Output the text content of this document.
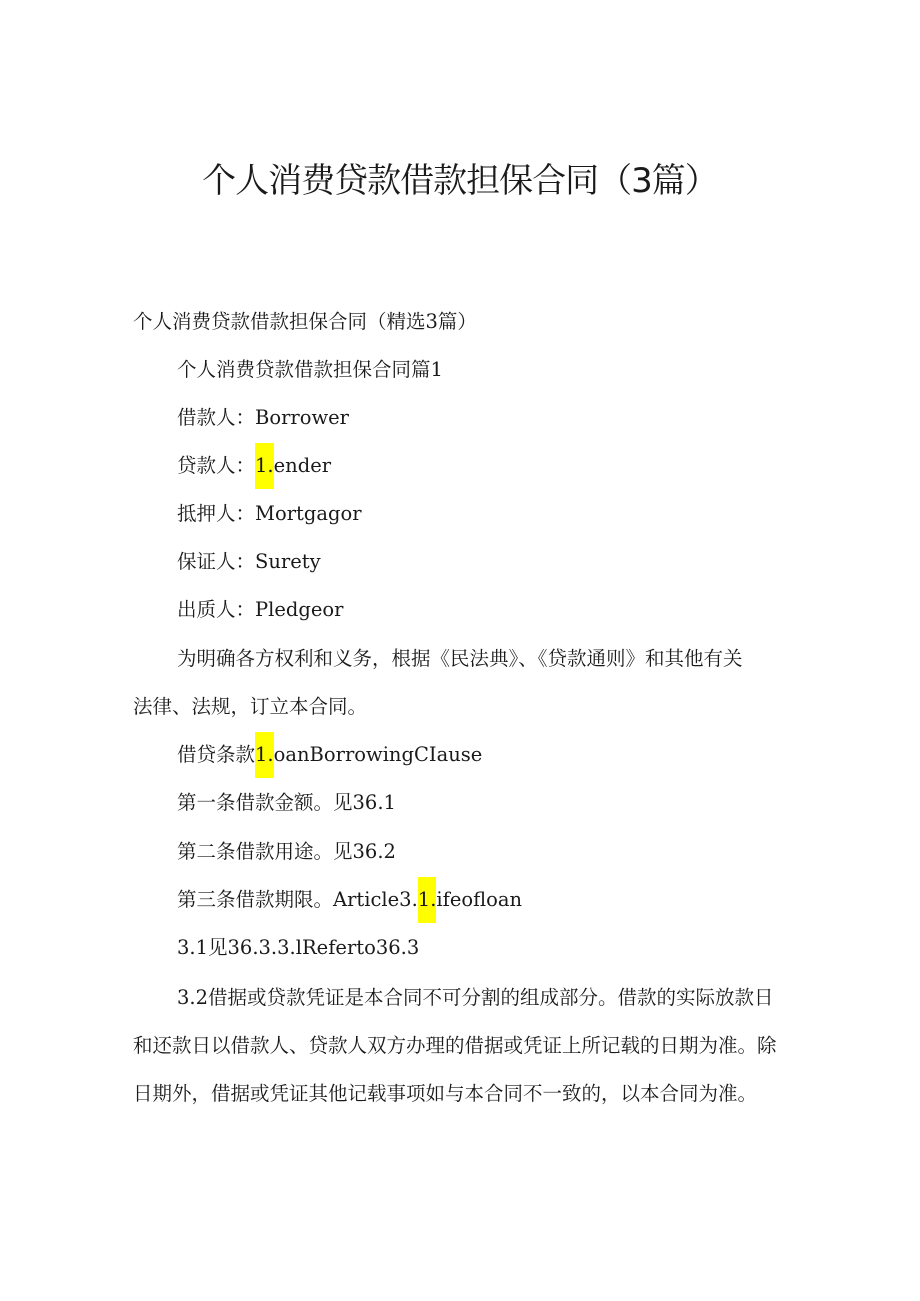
个人消费贷款借款担保合同（3篇）

个人消费贷款借款担保合同（精选3篇）

个人消费贷款借款担保合同篇1

借款人：Borrower

贷款人：1.ender

抵押人：Mortgagor

保证人：Surety

出质人：Pledgeor

为明确各方权利和义务，根据《民法典》、《贷款通则》和其他有关

法律、法规，订立本合同。

借贷条款1.oanBorrowingCIause

第一条借款金额。见36.1

第二条借款用途。见36.2

第三条借款期限。Article3.1.ifeofloan

3.1见36.3.3.lReferto36.3

3.2借据或贷款凭证是本合同不可分割的组成部分。借款的实际放款日

和还款日以借款人、贷款人双方办理的借据或凭证上所记载的日期为准。除

日期外，借据或凭证其他记载事项如与本合同不一致的，以本合同为准。
